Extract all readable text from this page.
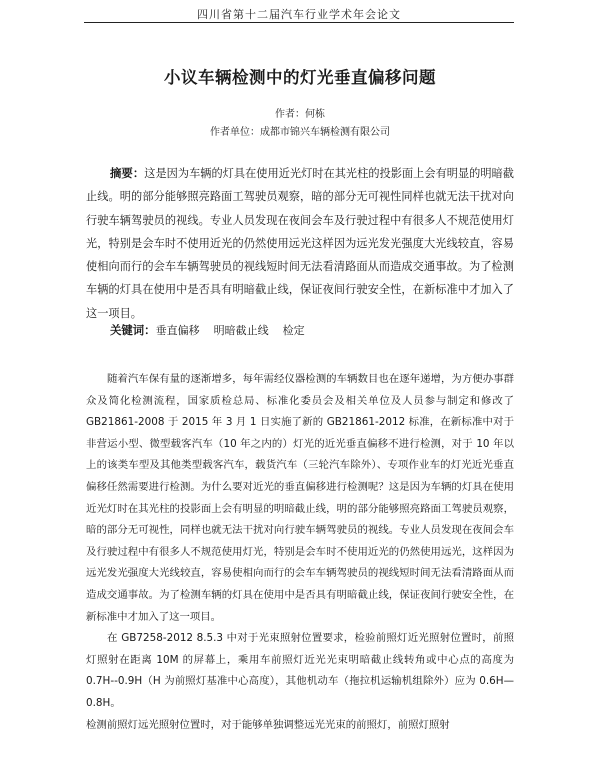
四川省第十二届汽车行业学术年会论文
小议车辆检测中的灯光垂直偏移问题
作者：何栋
作者单位：成都市锦兴车辆检测有限公司
摘要：这是因为车辆的灯具在使用近光灯时在其光柱的投影面上会有明显的明暗截止线。明的部分能够照亮路面工驾驶员观察，暗的部分无可视性同样也就无法干扰对向行驶车辆驾驶员的视线。专业人员发现在夜间会车及行驶过程中有很多人不规范使用灯光，特别是会车时不使用近光的仍然使用远光这样因为远光发光强度大光线较直，容易使相向而行的会车车辆驾驶员的视线短时间无法看清路面从而造成交通事故。为了检测车辆的灯具在使用中是否具有明暗截止线，保证夜间行驶安全性，在新标准中才加入了这一项目。
关键词：垂直偏移 明暗截止线 检定

随着汽车保有量的逐渐增多，每年需经仪器检测的车辆数目也在逐年递增，为方便办事群众及简化检测流程，国家质检总局、标准化委员会及相关单位及人员参与制定和修改了 GB21861-2008 于 2015 年 3 月 1 日实施了新的 GB21861-2012 标准，在新标准中对于非营运小型、微型载客汽车（10 年之内的）灯光的近光垂直偏移不进行检测，对于 10 年以上的该类车型及其他类型载客汽车，载货汽车（三轮汽车除外）、专项作业车的灯光近光垂直偏移任然需要进行检测。为什么要对近光的垂直偏移进行检测呢？这是因为车辆的灯具在使用近光灯时在其光柱的投影面上会有明显的明暗截止线，明的部分能够照亮路面工驾驶员观察，暗的部分无可视性，同样也就无法干扰对向行驶车辆驾驶员的视线。专业人员发现在夜间会车及行驶过程中有很多人不规范使用灯光，特别是会车时不使用近光的仍然使用远光，这样因为远光发光强度大光线较直，容易使相向而行的会车车辆驾驶员的视线短时间无法看清路面从而造成交通事故。为了检测车辆的灯具在使用中是否具有明暗截止线，保证夜间行驶安全性，在新标准中才加入了这一项目。

在 GB7258-2012 8.5.3 中对于光束照射位置要求，检验前照灯近光照射位置时，前照灯照射在距离 10M 的屏幕上，乘用车前照灯近光光束明暗截止线转角或中心点的高度为 0.7H--0.9H（H 为前照灯基准中心高度），其他机动车（拖拉机运输机组除外）应为 0.6H—0.8H。

检测前照灯远光照射位置时，对于能够单独调整远光光束的前照灯，前照灯照射
